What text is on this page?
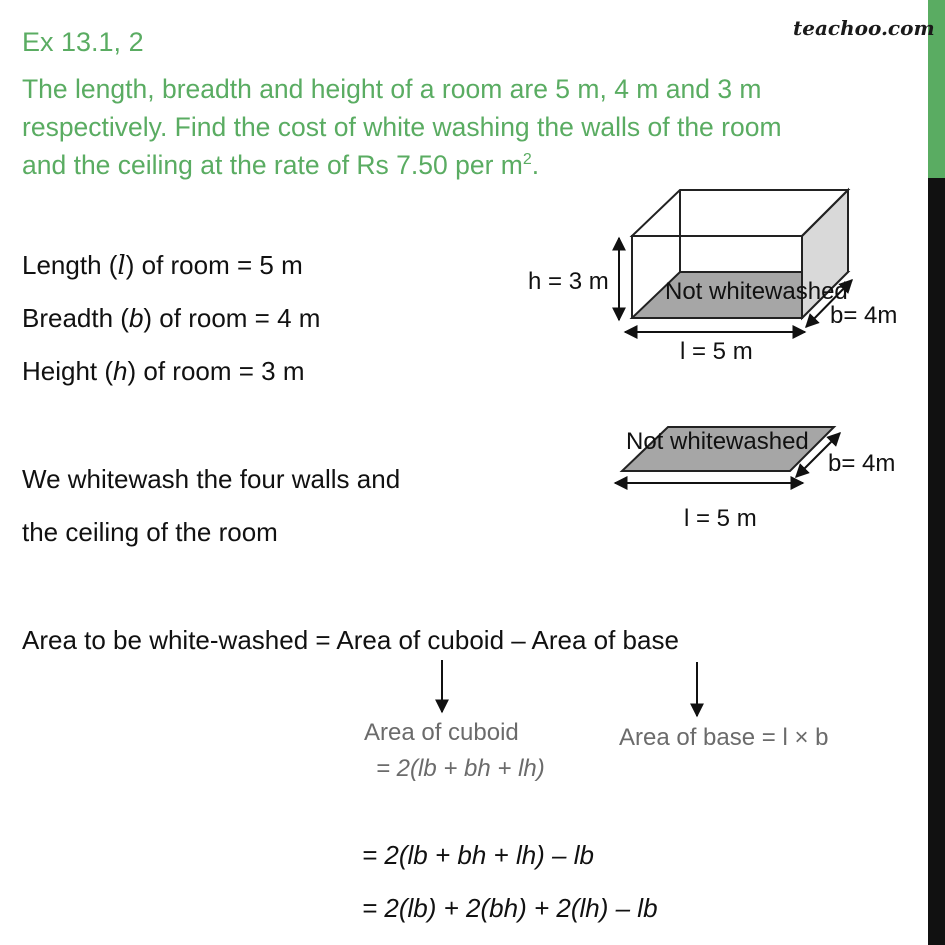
Ex 13.1, 2	teachoo.com
The length, breadth and height of a room are 5 m, 4 m and 3 m
respectively. Find the cost of white washing the walls of the room
and the ceiling at the rate of Rs 7.50 per $m^2$.
Length (l) of room = 5 m
Breadth (b) of room = 4 m
Height (h) of room = 3 m
We whitewash the four walls and
the ceiling of the room
Area to be white-washed = Area of cuboid – Area of base
h = 3 m Not whitewashed
b= 4m
l = 5 m
Not whitewashed
b= 4m
l = 5 m
Area of cuboid
= 2(lb + bh + lh)
Area of base = l × b
= 2(lb + bh + lh) – lb
= 2(lb) + 2(bh) + 2(lh) – lb
